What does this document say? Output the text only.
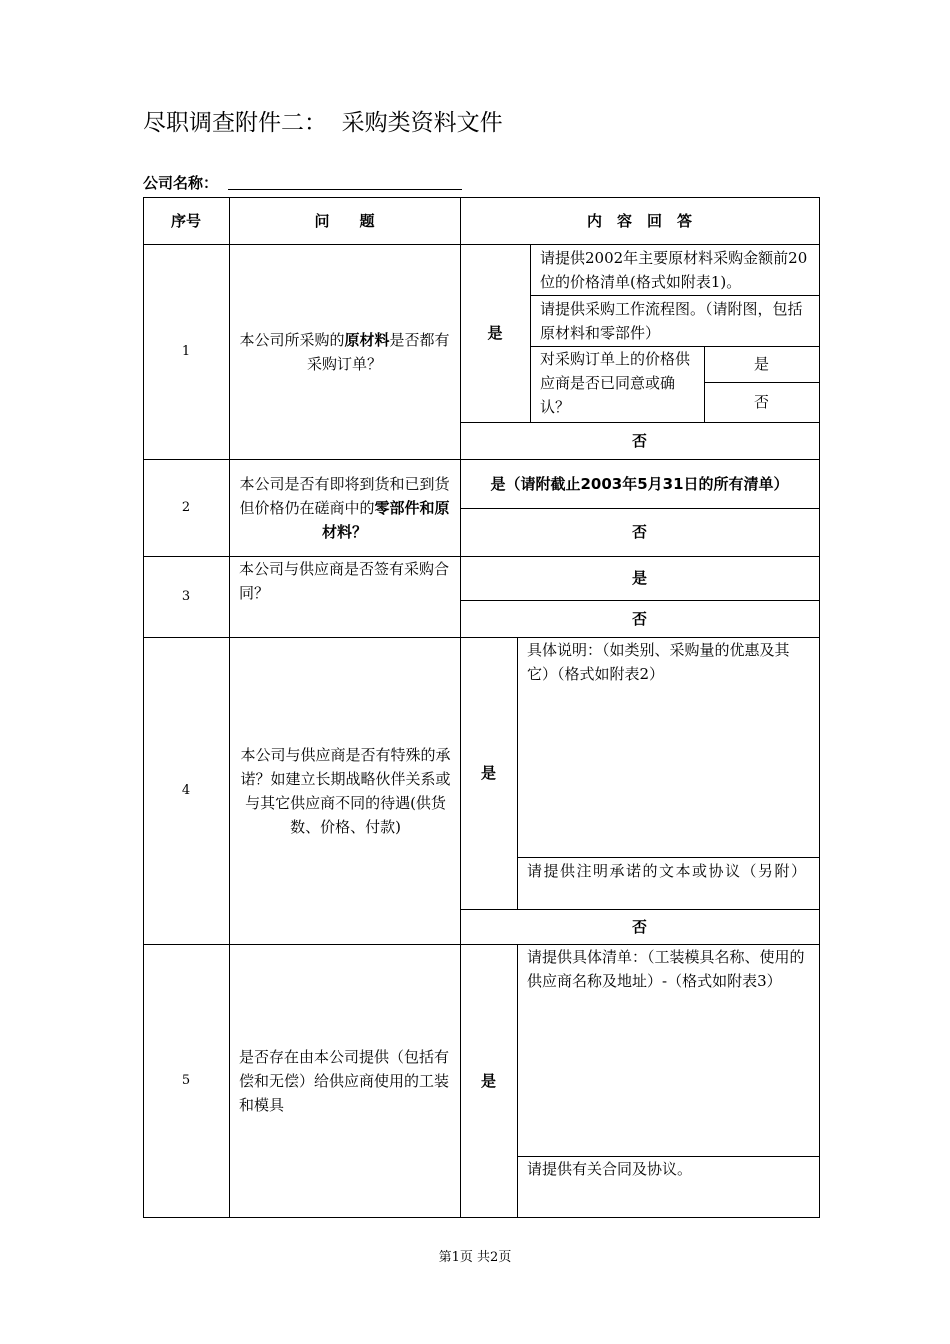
尽职调查附件二：  采购类资料文件
公司名称：
序号	问　　题	内　容　回　答
1
本公司所采购的原材料是否都有采购订单？
是
请提供2002年主要原材料采购金额前20位的价格清单(格式如附表1)。
请提供采购工作流程图。（请附图，包括原材料和零部件）
对采购订单上的价格供应商是否已同意或确认？
是
否
否
2
本公司是否有即将到货和已到货但价格仍在磋商中的零部件和原材料？
是（请附截止2003年5月31日的所有清单）
否
3
本公司与供应商是否签有采购合同？
是
否
4
本公司与供应商是否有特殊的承诺？如建立长期战略伙伴关系或与其它供应商不同的待遇(供货数、价格、付款)
是
具体说明：（如类别、采购量的优惠及其它）（格式如附表2）
请提供注明承诺的文本或协议（另附）
否
5
是否存在由本公司提供（包括有偿和无偿）给供应商使用的工装和模具
是
请提供具体清单：（工装模具名称、使用的供应商名称及地址）-（格式如附表3）
请提供有关合同及协议。
第1页 共2页
